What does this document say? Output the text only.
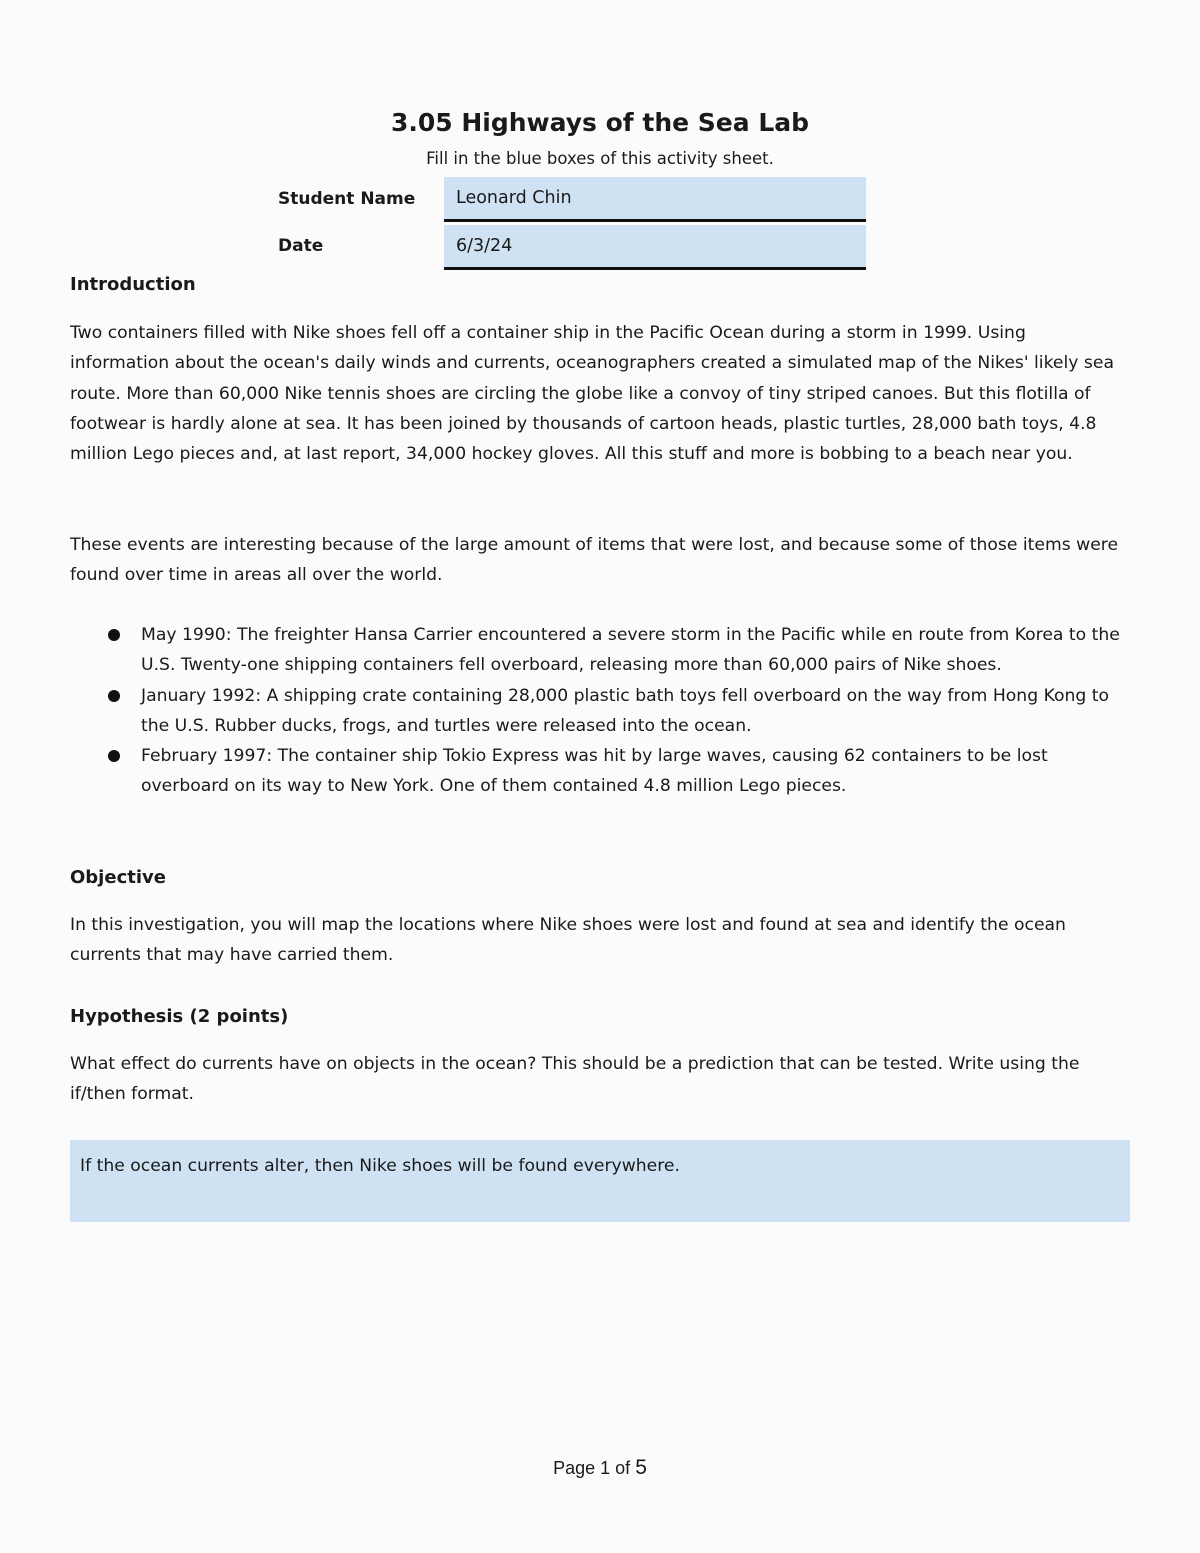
3.05 Highways of the Sea Lab

Fill in the blue boxes of this activity sheet.

Student Name	Leonard Chin
Date	6/3/24
Introduction

Two containers filled with Nike shoes fell off a container ship in the Pacific Ocean during a storm in 1999. Using information about the ocean's daily winds and currents, oceanographers created a simulated map of the Nikes' likely sea route. More than 60,000 Nike tennis shoes are circling the globe like a convoy of tiny striped canoes. But this flotilla of footwear is hardly alone at sea. It has been joined by thousands of cartoon heads, plastic turtles, 28,000 bath toys, 4.8 million Lego pieces and, at last report, 34,000 hockey gloves. All this stuff and more is bobbing to a beach near you.

These events are interesting because of the large amount of items that were lost, and because some of those items were found over time in areas all over the world.

May 1990: The freighter Hansa Carrier encountered a severe storm in the Pacific while en route from Korea to the U.S. Twenty-one shipping containers fell overboard, releasing more than 60,000 pairs of Nike shoes.
January 1992: A shipping crate containing 28,000 plastic bath toys fell overboard on the way from Hong Kong to the U.S. Rubber ducks, frogs, and turtles were released into the ocean.
February 1997: The container ship Tokio Express was hit by large waves, causing 62 containers to be lost overboard on its way to New York. One of them contained 4.8 million Lego pieces.
Objective

In this investigation, you will map the locations where Nike shoes were lost and found at sea and identify the ocean currents that may have carried them.

Hypothesis (2 points)

What effect do currents have on objects in the ocean? This should be a prediction that can be tested. Write using the if/then format.

If the ocean currents alter, then Nike shoes will be found everywhere.
Page 1 of 5
